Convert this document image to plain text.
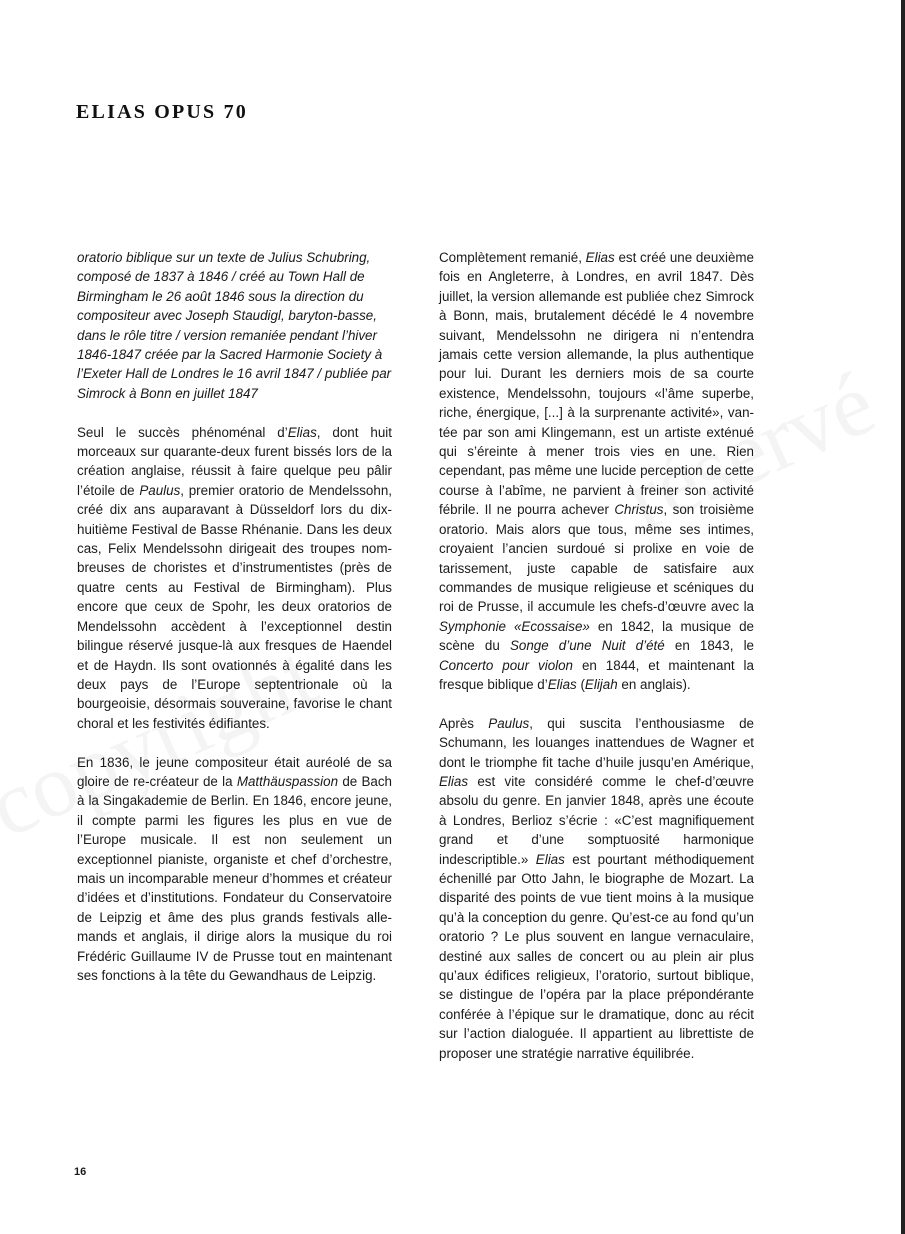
ELIAS OPUS 70

oratorio biblique sur un texte de Julius Schubring, composé de 1837 à 1846 / créé au Town Hall de Birmingham le 26 août 1846 sous la direction du compositeur avec Joseph Staudigl, baryton-basse, dans le rôle titre / version remaniée pendant l’hiver 1846-1847 créée par la Sacred Harmonie Society à l’Exeter Hall de Londres le 16 avril 1847 / publiée par Simrock à Bonn en juillet 1847

Seul le succès phénoménal d’Elias, dont huit morceaux sur quarante-deux furent bissés lors de la création anglaise, réussit à faire quelque peu pâlir l’étoile de Paulus, premier oratorio de Mendelssohn, créé dix ans auparavant à Düsseldorf lors du dix-huitième Festival de Basse Rhénanie. Dans les deux cas, Felix Mendelssohn dirigeait des troupes nombreuses de choristes et d’instrumentistes (près de quatre cents au Festival de Birmingham). Plus encore que ceux de Spohr, les deux oratorios de Mendelssohn accèdent à l’exceptionnel destin bilingue réservé jusque-là aux fresques de Haendel et de Haydn. Ils sont ovationnés à égalité dans les deux pays de l’Europe septentrionale où la bourgeoisie, désormais souveraine, favorise le chant choral et les festivités édifiantes.

En 1836, le jeune compositeur était auréolé de sa gloire de re-créateur de la Matthäuspassion de Bach à la Singakademie de Berlin. En 1846, encore jeune, il compte parmi les figures les plus en vue de l’Europe musicale. Il est non seulement un exceptionnel pianiste, organiste et chef d’orchestre, mais un incomparable meneur d’hommes et créateur d’idées et d’institutions. Fondateur du Conservatoire de Leipzig et âme des plus grands festivals allemands et anglais, il dirige alors la musique du roi Frédéric Guillaume IV de Prusse tout en maintenant ses fonctions à la tête du Gewandhaus de Leipzig.

Complètement remanié, Elias est créé une deuxième fois en Angleterre, à Londres, en avril 1847. Dès juillet, la version allemande est publiée chez Simrock à Bonn, mais, brutalement décédé le 4 novembre suivant, Mendelssohn ne dirigera ni n’entendra jamais cette version allemande, la plus authentique pour lui. Durant les derniers mois de sa courte existence, Mendelssohn, toujours «l’âme superbe, riche, énergique, [...] à la surprenante activité», vantée par son ami Klingemann, est un artiste exténué qui s’éreinte à mener trois vies en une. Rien cependant, pas même une lucide perception de cette course à l’abîme, ne parvient à freiner son activité fébrile. Il ne pourra achever Christus, son troisième oratorio. Mais alors que tous, même ses intimes, croyaient l’ancien surdoué si prolixe en voie de tarissement, juste capable de satisfaire aux commandes de musique religieuse et scéniques du roi de Prusse, il accumule les chefs-d’œuvre avec la Symphonie «Ecossaise» en 1842, la musique de scène du Songe d’une Nuit d’été en 1843, le Concerto pour violon en 1844, et maintenant la fresque biblique d’Elias (Elijah en anglais).

Après Paulus, qui suscita l’enthousiasme de Schumann, les louanges inattendues de Wagner et dont le triomphe fit tache d’huile jusqu’en Amérique, Elias est vite considéré comme le chef-d’œuvre absolu du genre. En janvier 1848, après une écoute à Londres, Berlioz s’écrie : «C’est magnifiquement grand et d’une somptuosité harmonique indescriptible.» Elias est pourtant méthodiquement échenillé par Otto Jahn, le biographe de Mozart. La disparité des points de vue tient moins à la musique qu’à la conception du genre. Qu’est-ce au fond qu’un oratorio ? Le plus souvent en langue vernaculaire, destiné aux salles de concert ou au plein air plus qu’aux édifices religieux, l’oratorio, surtout biblique, se distingue de l’opéra par la place prépondérante conférée à l’épique sur le dramatique, donc au récit sur l’action dialoguée. Il appartient au librettiste de proposer une stratégie narrative équilibrée.

16
